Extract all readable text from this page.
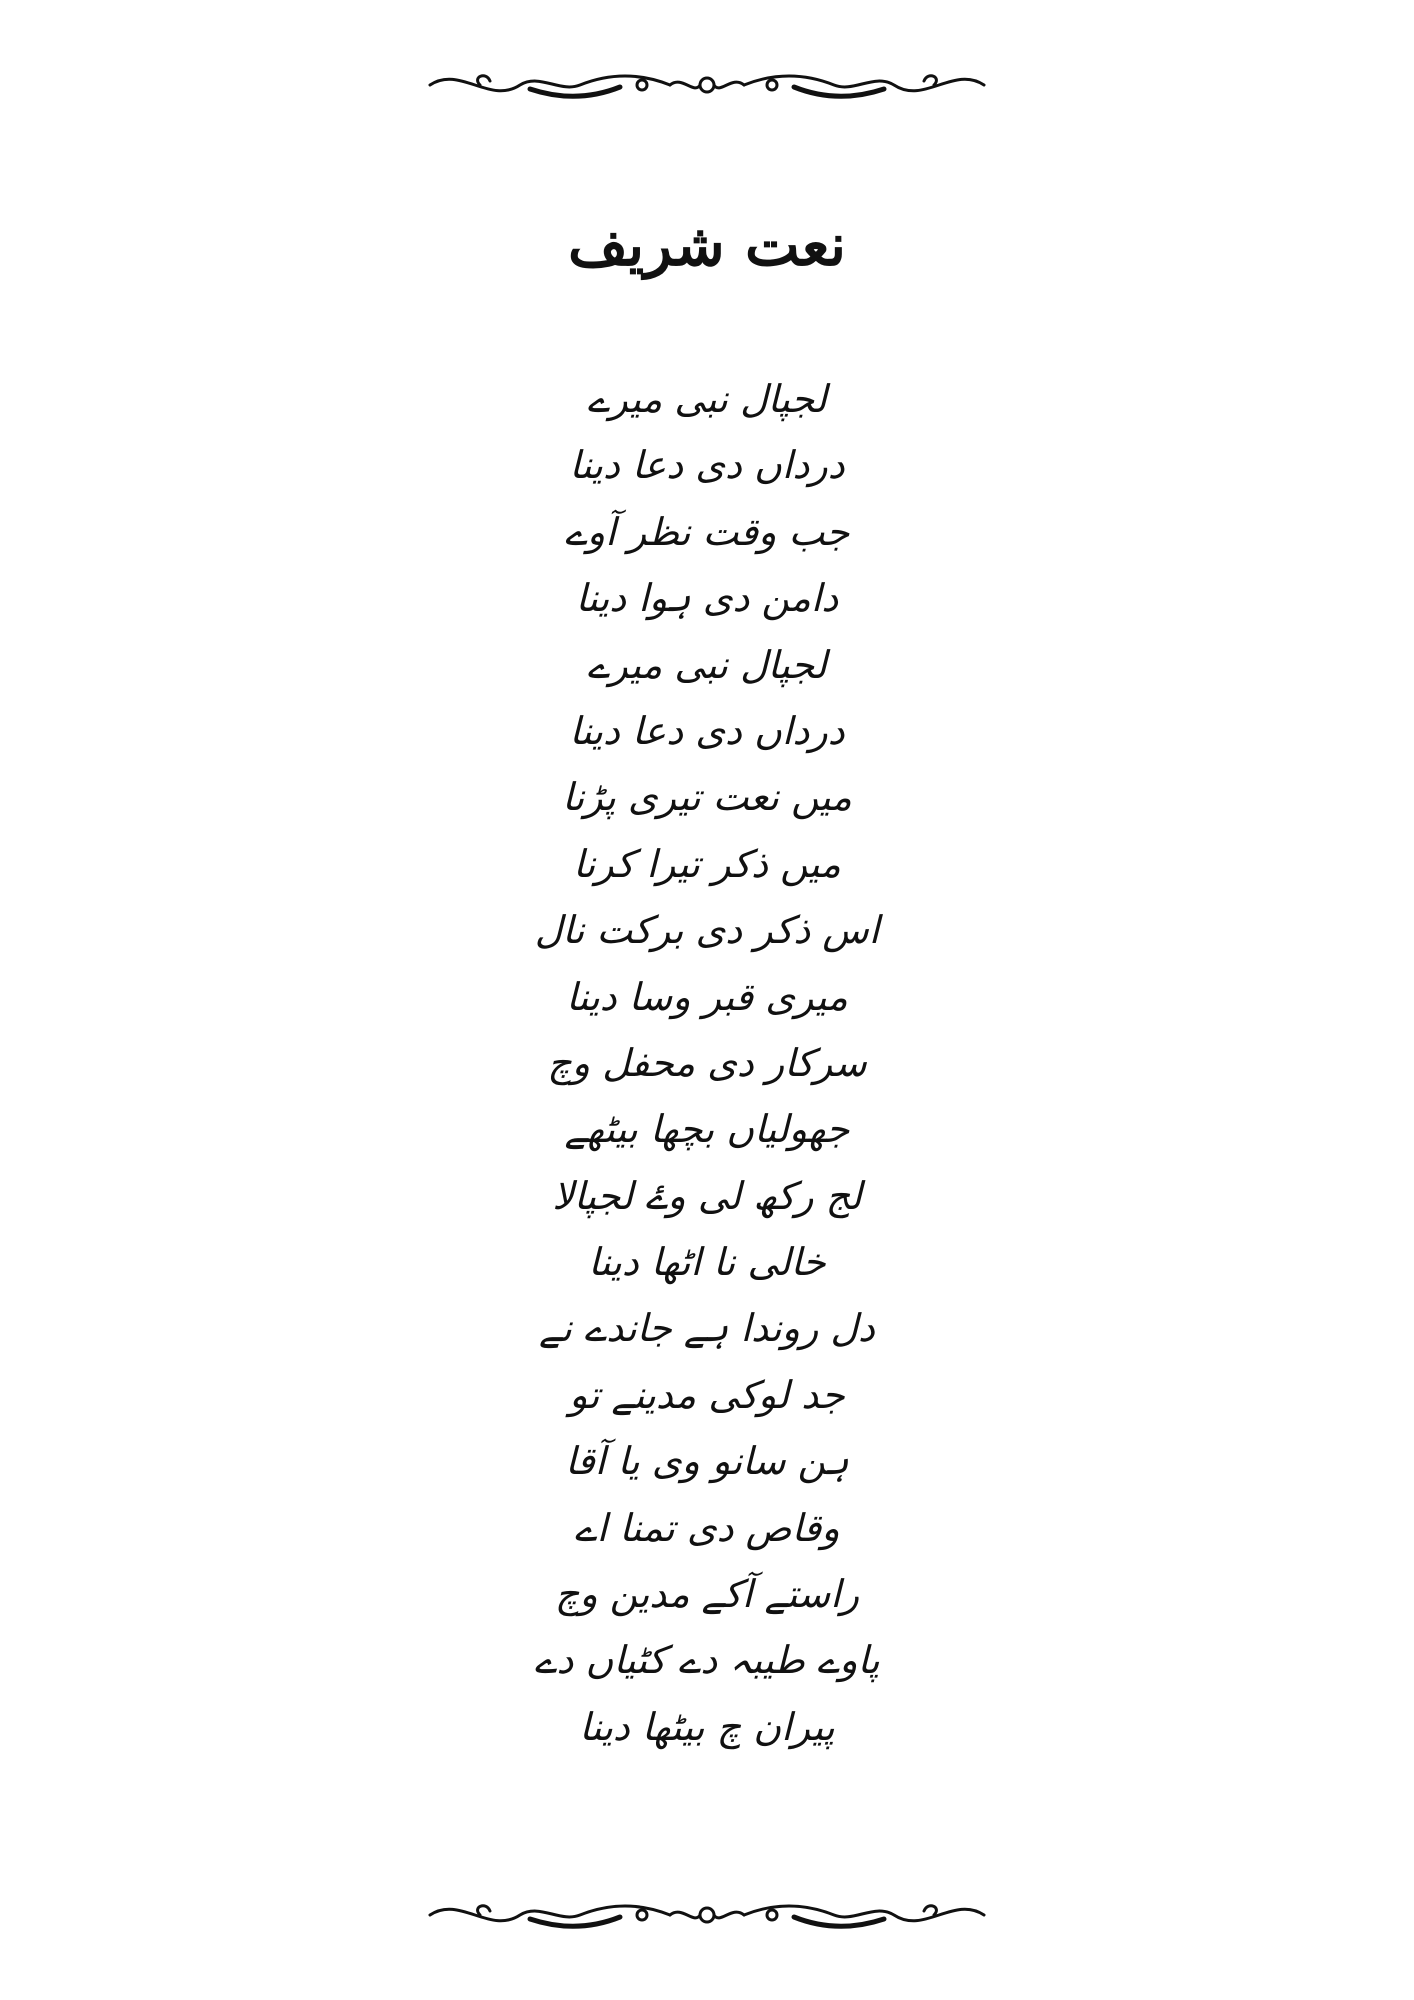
نعت شریف
لجپال نبی میرے
درداں دی دعا دینا
جب وقت نظر آوے
دامن دی ہوا دینا
لجپال نبی میرے
درداں دی دعا دینا
میں نعت تیری پڑنا
میں ذکر تیرا کرنا
اس ذکر دی برکت نال
میری قبر وسا دینا
سرکار دی محفل وچ
جھولیاں بچھا بیٹھے
لج رکھ لی وۓ لجپالا
خالی نا اٹھا دینا
دل روندا ہے جاندے نے
جد لوکی مدینے تو
ہن سانو وی یا آقا
وقاص دی تمنا اے
راستے آکے مدین وچ
پاوے طیبہ دے کٹیاں دے
پیران چ بیٹھا دینا
